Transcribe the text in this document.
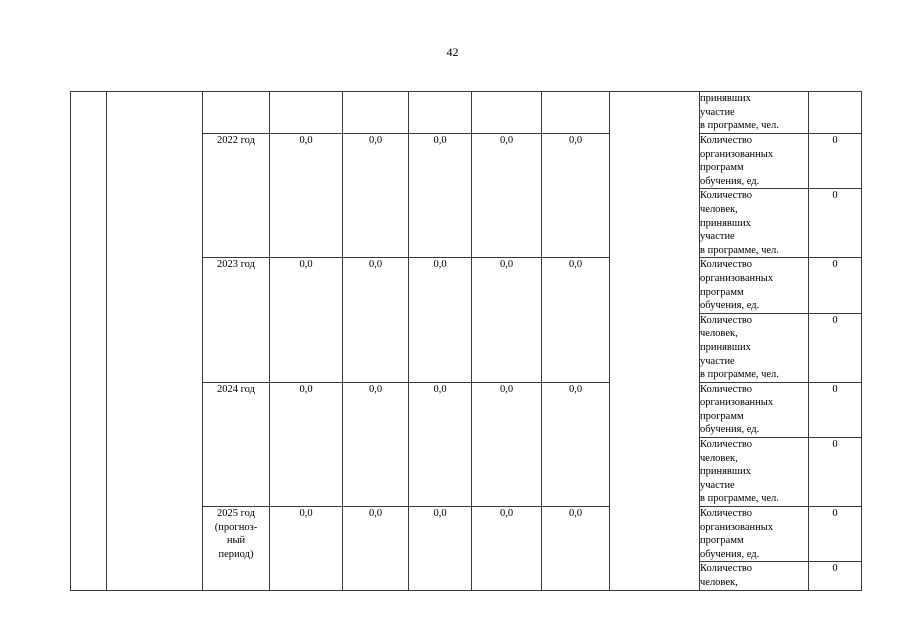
42
									принявших
участие
в программе, чел.	
		2022 год	0,0	0,0	0,0	0,0	0,0		Количество
организованных
программ
обучения, ед.	0
									Количество
человек,
принявших
участие
в программе, чел.	0
		2023 год	0,0	0,0	0,0	0,0	0,0		Количество
организованных
программ
обучения, ед.	0
									Количество
человек,
принявших
участие
в программе, чел.	0
		2024 год	0,0	0,0	0,0	0,0	0,0		Количество
организованных
программ
обучения, ед.	0
									Количество
человек,
принявших
участие
в программе, чел.	0
		2025 год
(прогноз-
ный
период)	0,0	0,0	0,0	0,0	0,0		Количество
организованных
программ
обучения, ед.	0
									Количество
человек,	0
